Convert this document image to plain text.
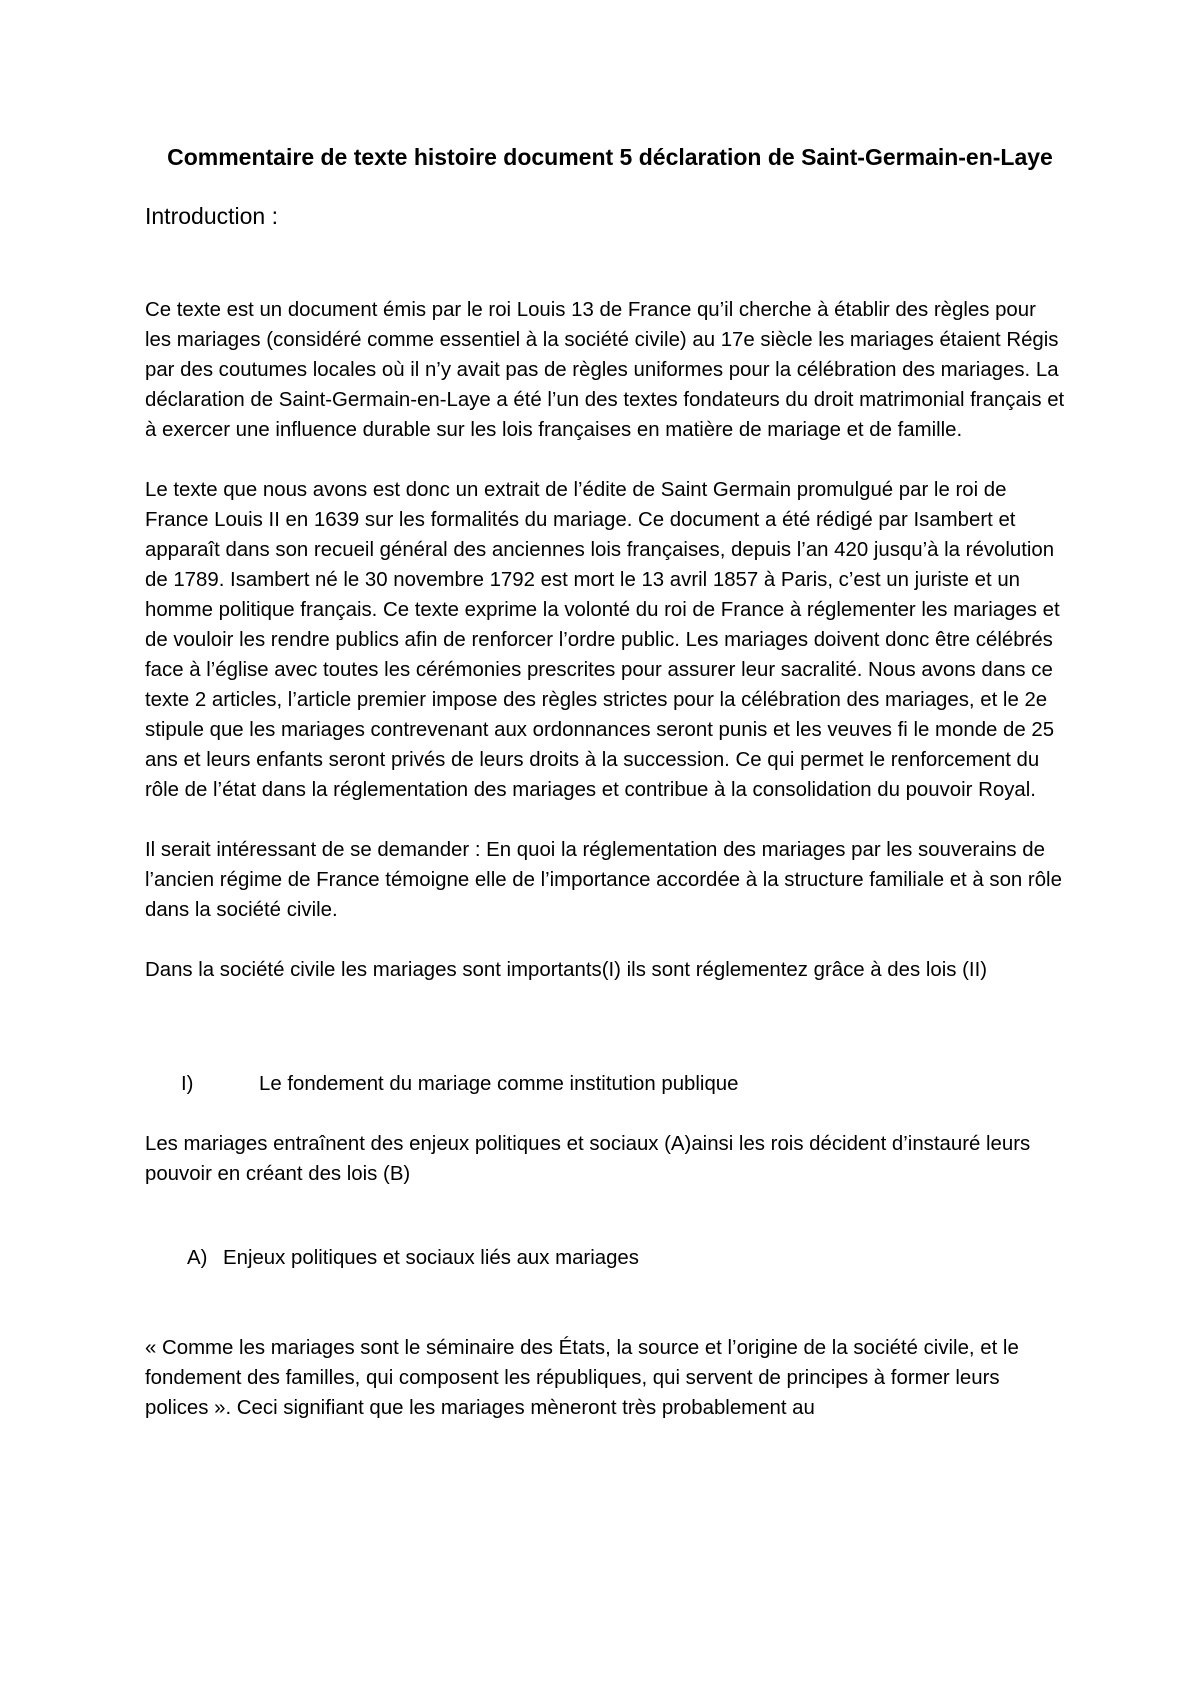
Commentaire de texte histoire document 5 déclaration de Saint-Germain-en-Laye
Introduction :

Ce texte est un document émis par le roi Louis 13 de France qu’il cherche à établir des règles pour les mariages (considéré comme essentiel à la société civile) au 17e siècle les mariages étaient Régis par des coutumes locales où il n’y avait pas de règles uniformes pour la célébration des mariages. La déclaration de Saint-Germain-en-Laye a été l’un des textes fondateurs du droit matrimonial français et à exercer une influence durable sur les lois françaises en matière de mariage et de famille.

Le texte que nous avons est donc un extrait de l’édite de Saint Germain promulgué par le roi de France Louis II en 1639 sur les formalités du mariage. Ce document a été rédigé par Isambert et apparaît dans son recueil général des anciennes lois françaises, depuis l’an 420 jusqu’à la révolution de 1789. Isambert né le 30 novembre 1792 est mort le 13 avril 1857 à Paris, c’est un juriste et un homme politique français. Ce texte exprime la volonté du roi de France à réglementer les mariages et de vouloir les rendre publics afin de renforcer l’ordre public. Les mariages doivent donc être célébrés face à l’église avec toutes les cérémonies prescrites pour assurer leur sacralité. Nous avons dans ce texte 2 articles, l’article premier impose des règles strictes pour la célébration des mariages, et le 2e stipule que les mariages contrevenant aux ordonnances seront punis et les veuves fi le monde de 25 ans et leurs enfants seront privés de leurs droits à la succession. Ce qui permet le renforcement du rôle de l’état dans la réglementation des mariages et contribue à la consolidation du pouvoir Royal.

Il serait intéressant de se demander : En quoi la réglementation des mariages par les souverains de l’ancien régime de France témoigne elle de l’importance accordée à la structure familiale et à son rôle dans la société civile.

Dans la société civile les mariages sont importants(I) ils sont réglementez grâce à des lois (II)

I)	Le fondement du mariage comme institution publique

Les mariages entraînent des enjeux politiques et sociaux (A)ainsi les rois décident d’instauré leurs pouvoir en créant des lois (B)

A) Enjeux politiques et sociaux liés aux mariages

« Comme les mariages sont le séminaire des États, la source et l’origine de la société civile, et le fondement des familles, qui composent les républiques, qui servent de principes à former leurs polices ». Ceci signifiant que les mariages mèneront très probablement au
